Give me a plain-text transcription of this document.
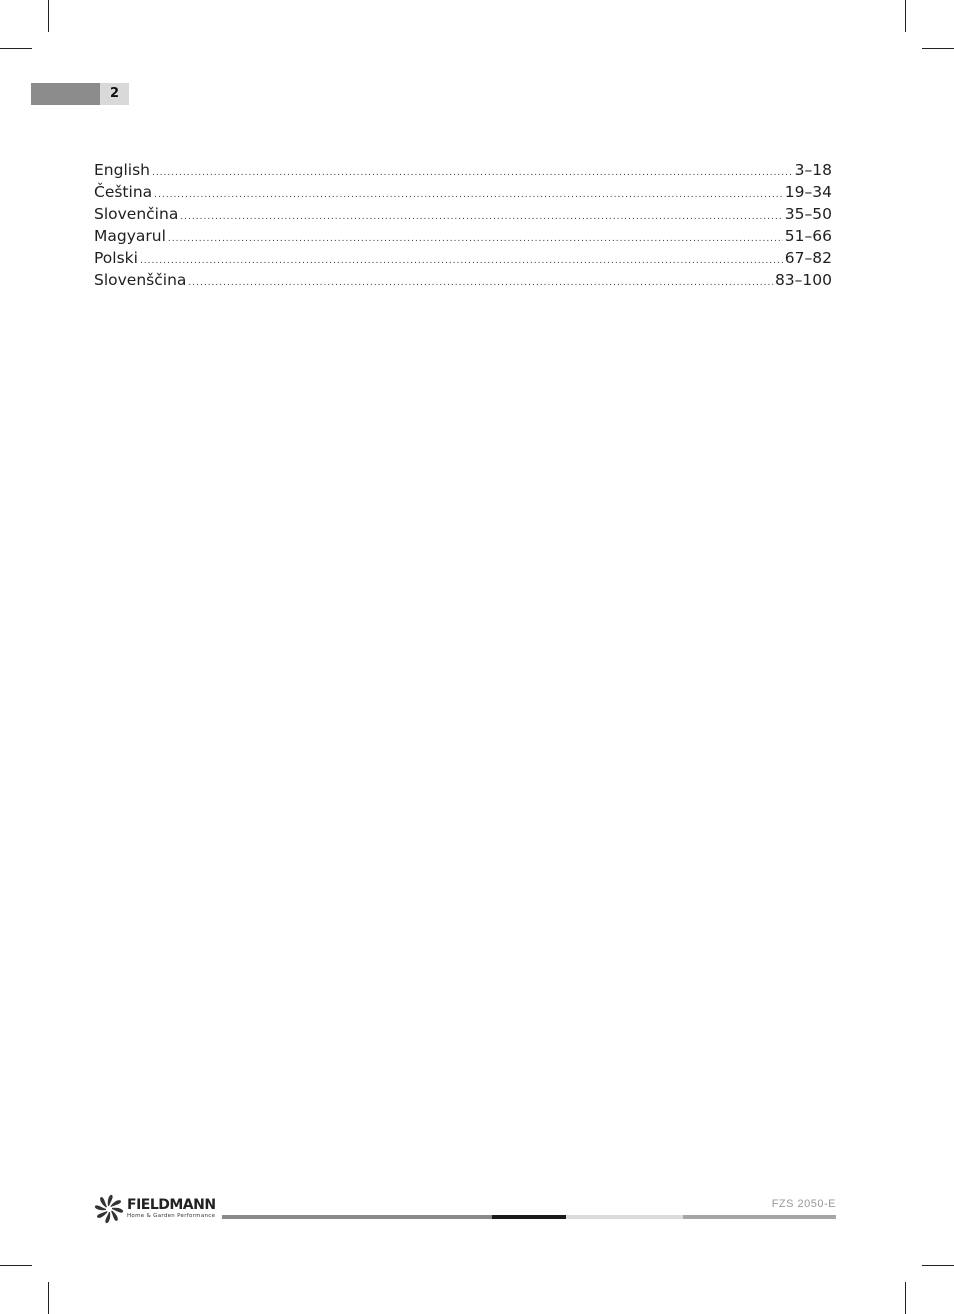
2
English .....	3–18
Čeština .....	19–34
Slovenčina .....	35–50
Magyarul .....	51–66
Polski .....	67–82
Slovenščina .....	83–100
FIELDMANN
Home & Garden Performance
FZS 2050-E
